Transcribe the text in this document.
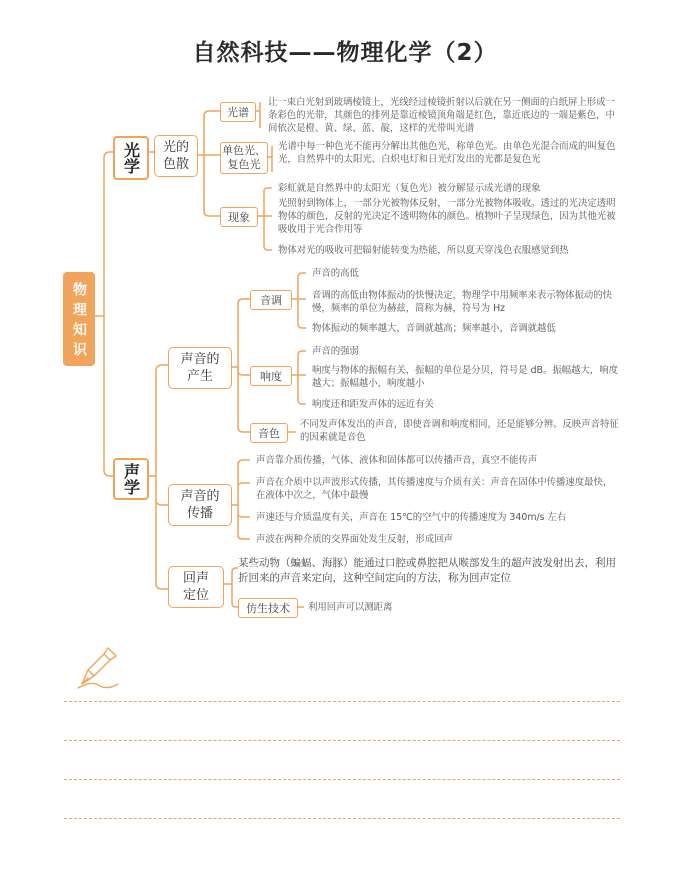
自然科技——物理化学（2）
物理知识
光学 光的色散
光谱
让一束白光射到玻璃棱镜上，光线经过棱镜折射以后就在另一侧面的白纸屏上形成一条彩色的光带，其颜色的排列是靠近棱镜顶角端是红色，靠近底边的一端是紫色，中间依次是橙、黄、绿、蓝、靛，这样的光带叫光谱
单色光、复色光
光谱中每一种色光不能再分解出其他色光，称单色光。由单色光混合而成的叫复色光，自然界中的太阳光、白炽电灯和日光灯发出的光都是复色光
现象
彩虹就是自然界中的太阳光（复色光）被分解显示成光谱的现象
光照射到物体上，一部分光被物体反射，一部分光被物体吸收。透过的光决定透明物体的颜色，反射的光决定不透明物体的颜色。植物叶子呈现绿色，因为其他光被吸收用于光合作用等
物体对光的吸收可把辐射能转变为热能，所以夏天穿浅色衣服感觉到热
声学
声音的产生
音调
声音的高低
音调的高低由物体振动的快慢决定，物理学中用频率来表示物体振动的快慢，频率的单位为赫兹，简称为赫，符号为 Hz
物体振动的频率越大，音调就越高；频率越小，音调就越低
响度
声音的强弱
响度与物体的振幅有关，振幅的单位是分贝，符号是 dB。振幅越大，响度越大；振幅越小，响度越小
响度还和距发声体的远近有关
音色
不同发声体发出的声音，即使音调和响度相同，还是能够分辨。反映声音特征的因素就是音色
声音的传播
声音靠介质传播，气体、液体和固体都可以传播声音，真空不能传声
声音在介质中以声波形式传播，其传播速度与介质有关：声音在固体中传播速度最快，在液体中次之，气体中最慢
声速还与介质温度有关，声音在 15℃的空气中的传播速度为 340m/s 左右
声波在两种介质的交界面处发生反射，形成回声
回声定位
某些动物（蝙蝠、海豚）能通过口腔或鼻腔把从喉部发生的超声波发射出去，利用折回来的声音来定向，这种空间定向的方法，称为回声定位
仿生技术 利用回声可以测距离
